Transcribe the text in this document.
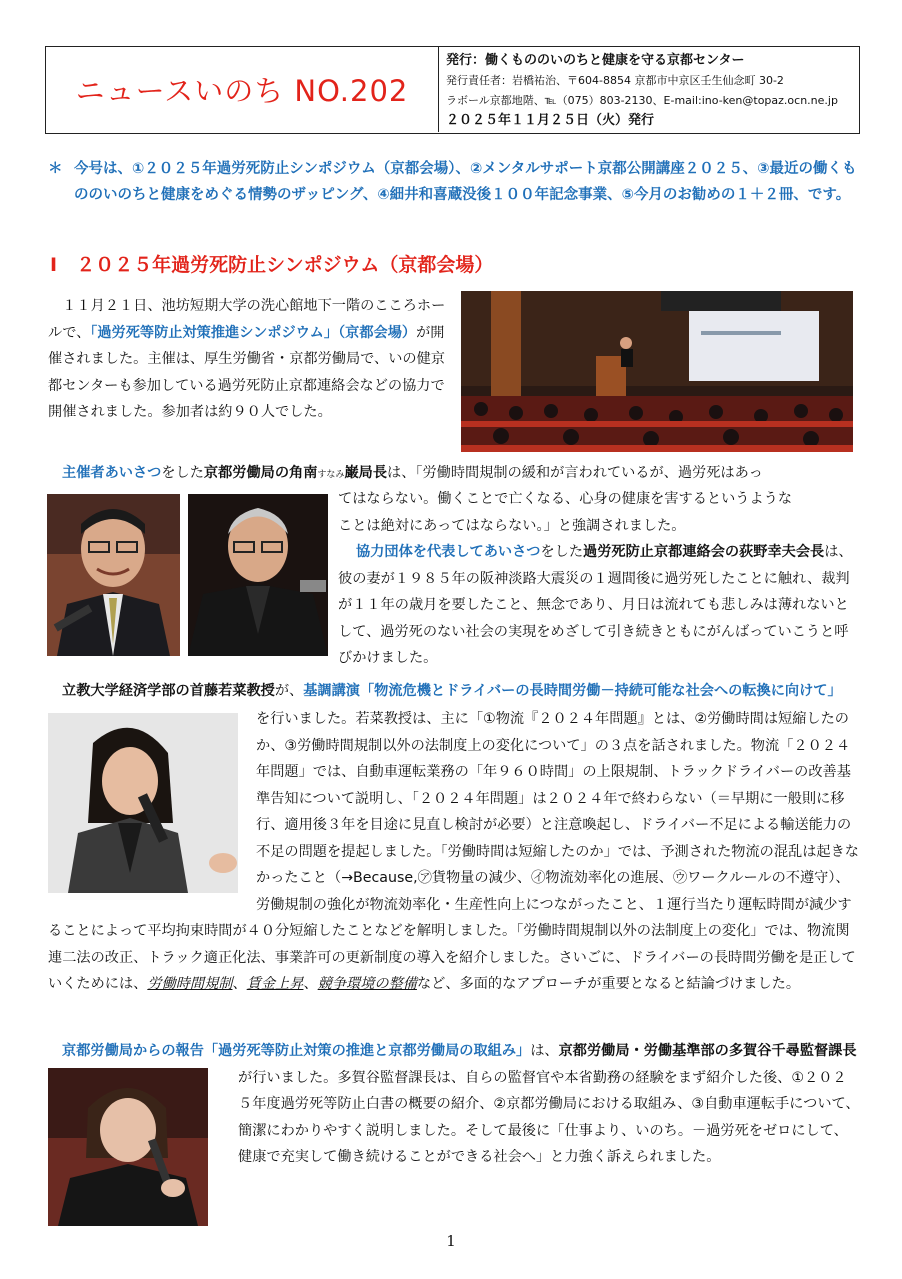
ニュースいのち NO.202
発行：働くもののいのちと健康を守る京都センター
発行責任者：岩橋祐治、〒604-8854 京都市中京区壬生仙念町 30-2
ラボール京都地階、℡（075）803-2130、E-mail:ino-ken@topaz.ocn.ne.jp
２０２５年１１月２５日（火）発行
＊ 今号は、①２０２５年過労死防止シンポジウム（京都会場）、②メンタルサポート京都公開講座２０２５、③最近の働くもののいのちと健康をめぐる情勢のザッピング、④細井和喜蔵没後１００年記念事業、⑤今月のお勧めの１＋２冊、です。
Ⅰ　２０２５年過労死防止シンポジウム（京都会場）
　１１月２１日、池坊短期大学の洗心館地下一階のこころホールで、「過労死等防止対策推進シンポジウム」（京都会場）が開催されました。主催は、厚生労働省・京都労働局で、いの健京都センターも参加している過労死防止京都連絡会などの協力で開催されました。参加者は約９０人でした。
主催者あいさつをした京都労働局の角南すなみ巌局長は、「労働時間規制の緩和が言われているが、過労死はあっ
てはならない。働くことで亡くなる、心身の健康を害するというような
ことは絶対にあってはならない。」と強調されました。
協力団体を代表してあいさつをした過労死防止京都連絡会の荻野幸夫会長は、彼の妻が１９８５年の阪神淡路大震災の１週間後に過労死したことに触れ、裁判が１１年の歳月を要したこと、無念であり、月日は流れても悲しみは薄れないとして、過労死のない社会の実現をめざして引き続きともにがんばっていこうと呼びかけました。
立教大学経済学部の首藤若菜教授が、基調講演「物流危機とドライバーの長時間労働－持続可能な社会への転換に向けて」
を行いました。若菜教授は、主に「①物流『２０２４年問題』とは、②労働時間は短縮したのか、③労働時間規制以外の法制度上の変化について」の３点を話されました。物流「２０２４年問題」では、自動車運転業務の「年９６０時間」の上限規制、トラックドライバーの改善基準告知について説明し、「２０２４年問題」は２０２４年で終わらない（＝早期に一般則に移行、適用後３年を目途に見直し検討が必要）と注意喚起し、ドライバー不足による輸送能力の不足の問題を提起しました。「労働時間は短縮したのか」では、予測された物流の混乱は起きなかったこと（→Because,㋐貨物量の減少、㋑物流効率化の進展、㋒ワークルールの不遵守）、労働規制の強化が物流効率化・生産性向上につながったこと、１運行当たり運転時間が減少することによって平均拘束時間が４０分短縮したことなどを解明しました。「労働時間規制以外の法制度上の変化」では、物流関連二法の改正、トラック適正化法、事業許可の更新制度の導入を紹介しました。さいごに、ドライバーの長時間労働を是正していくためには、労働時間規制、賃金上昇、競争環境の整備など、多面的なアプローチが重要となると結論づけました。
京都労働局からの報告「過労死等防止対策の推進と京都労働局の取組み」は、京都労働局・労働基準部の多賀谷千尋監督課長
が行いました。多賀谷監督課長は、自らの監督官や本省勤務の経験をまず紹介した後、①２０２５年度過労死等防止白書の概要の紹介、②京都労働局における取組み、③自動車運転手について、簡潔にわかりやすく説明しました。そして最後に「仕事より、いのち。－過労死をゼロにして、健康で充実して働き続けることができる社会へ」と力強く訴えられました。
1
